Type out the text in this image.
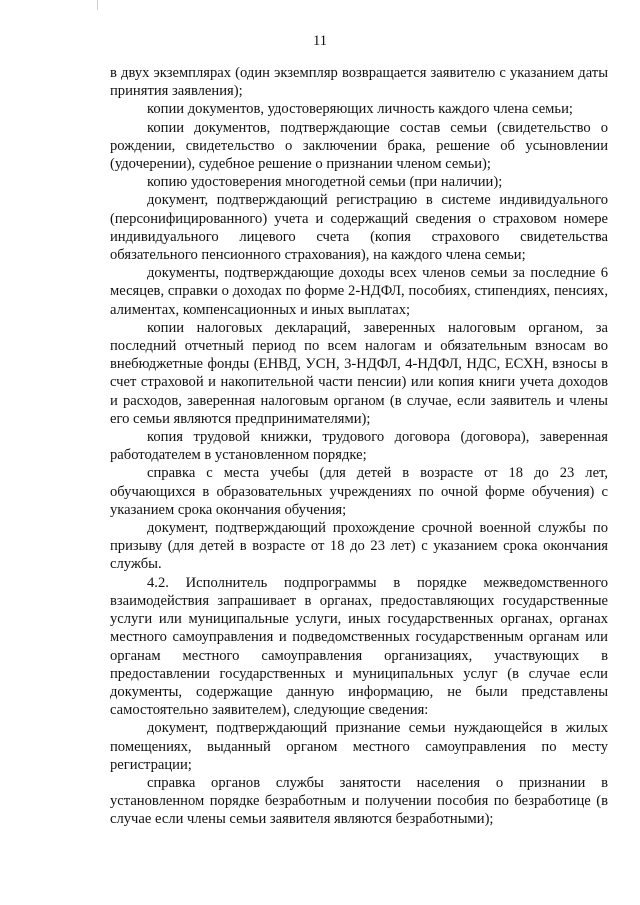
11

в двух экземплярах (один экземпляр возвращается заявителю с указанием даты принятия заявления);

копии документов, удостоверяющих личность каждого члена семьи;

копии документов, подтверждающие состав семьи (свидетельство о рождении, свидетельство о заключении брака, решение об усыновлении (удочерении), судебное решение о признании членом семьи);

копию удостоверения многодетной семьи (при наличии);

документ, подтверждающий регистрацию в системе индивидуального (персонифицированного) учета и содержащий сведения о страховом номере индивидуального лицевого счета (копия страхового свидетельства обязательного пенсионного страхования), на каждого члена семьи;

документы, подтверждающие доходы всех членов семьи за последние 6 месяцев, справки о доходах по форме 2-НДФЛ, пособиях, стипендиях, пенсиях, алиментах, компенсационных и иных выплатах;

копии налоговых деклараций, заверенных налоговым органом, за последний отчетный период по всем налогам и обязательным взносам во внебюджетные фонды (ЕНВД, УСН, 3-НДФЛ, 4-НДФЛ, НДС, ЕСХН, взносы в счет страховой и накопительной части пенсии) или копия книги учета доходов и расходов, заверенная налоговым органом (в случае, если заявитель и члены его семьи являются предпринимателями);

копия трудовой книжки, трудового договора (договора), заверенная работодателем в установленном порядке;

справка с места учебы (для детей в возрасте от 18 до 23 лет, обучающихся в образовательных учреждениях по очной форме обучения) с указанием срока окончания обучения;

документ, подтверждающий прохождение срочной военной службы по призыву (для детей в возрасте от 18 до 23 лет) с указанием срока окончания службы.

4.2. Исполнитель подпрограммы в порядке межведомственного взаимодействия запрашивает в органах, предоставляющих государственные услуги или муниципальные услуги, иных государственных органах, органах местного самоуправления и подведомственных государственным органам или органам местного самоуправления организациях, участвующих в предоставлении государственных и муниципальных услуг (в случае если документы, содержащие данную информацию, не были представлены самостоятельно заявителем), следующие сведения:

документ, подтверждающий признание семьи нуждающейся в жилых помещениях, выданный органом местного самоуправления по месту регистрации;

справка органов службы занятости населения о признании в установленном порядке безработным и получении пособия по безработице (в случае если члены семьи заявителя являются безработными);
